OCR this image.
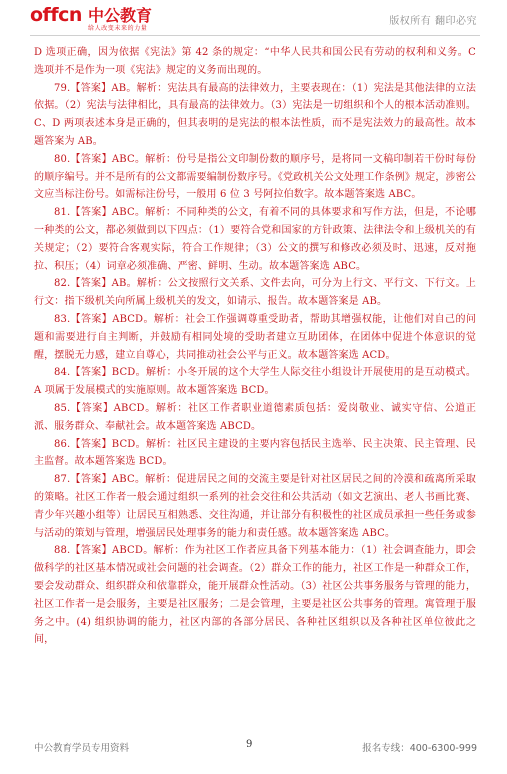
offcn 中公教育
给人改变未来的力量
版权所有 翻印必究

D 选项正确，因为依据《宪法》第 42 条的规定：“中华人民共和国公民有劳动的权利和义务。C 选项并不是作为一项《宪法》规定的义务而出现的。

79.【答案】AB。解析：宪法具有最高的法律效力，主要表现在：（1）宪法是其他法律的立法依据。（2）宪法与法律相比，具有最高的法律效力。（3）宪法是一切组织和个人的根本活动准则。C、D 两项表述本身是正确的，但其表明的是宪法的根本法性质，而不是宪法效力的最高性。故本题答案为 AB。

80.【答案】ABC。解析：份号是指公文印制份数的顺序号，是将同一文稿印制若干份时每份的顺序编号。并不是所有的公文都需要编制份数序号。《党政机关公文处理工作条例》规定，涉密公文应当标注份号。如需标注份号，一般用 6 位 3 号阿拉伯数字。故本题答案选 ABC。

81.【答案】ABC。解析：不同种类的公文，有着不同的具体要求和写作方法，但是，不论哪一种类的公文，都必须做到以下四点：（1）要符合党和国家的方针政策、法律法令和上级机关的有关规定；（2）要符合客观实际，符合工作规律；（3）公文的撰写和修改必须及时、迅速，反对拖拉、积压；（4）词章必须准确、严密、鲜明、生动。故本题答案选 ABC。

82.【答案】AB。解析：公文按照行文关系、文件去向，可分为上行文、平行文、下行文。上行文：指下级机关向所属上级机关的发文，如请示、报告。故本题答案是 AB。

83.【答案】ABCD。解析：社会工作强调尊重受助者，帮助其增强权能，让他们对自己的问题和需要进行自主判断，并鼓励有相同处境的受助者建立互助团体，在团体中促进个体意识的觉醒，摆脱无力感，建立自尊心，共同推动社会公平与正义。故本题答案选 ACD。

84.【答案】BCD。解析：小冬开展的这个大学生人际交往小组设计开展使用的是互动模式。A 项属于发展模式的实施原则。故本题答案选 BCD。

85.【答案】ABCD。解析：社区工作者职业道德素质包括：爱岗敬业、诚实守信、公道正派、服务群众、奉献社会。故本题答案选 ABCD。

86.【答案】BCD。解析：社区民主建设的主要内容包括民主选举、民主决策、民主管理、民主监督。故本题答案选 BCD。

87.【答案】ABC。解析：促进居民之间的交流主要是针对社区居民之间的冷漠和疏离所采取的策略。社区工作者一般会通过组织一系列的社会交往和公共活动（如文艺演出、老人书画比赛、青少年兴趣小组等）让居民互相熟悉、交往沟通，并让部分有积极性的社区成员承担一些任务或参与活动的策划与管理，增强居民处理事务的能力和责任感。故本题答案选 ABC。

88.【答案】ABCD。解析：作为社区工作者应具备下列基本能力：（1）社会调查能力，即会做科学的社区基本情况或社会问题的社会调查。（2）群众工作的能力，社区工作是一种群众工作，要会发动群众、组织群众和依靠群众，能开展群众性活动。（3）社区公共事务服务与管理的能力，社区工作者一是会服务，主要是社区服务；二是会管理，主要是社区公共事务的管理。寓管理于服务之中。(4) 组织协调的能力，社区内部的各部分居民、各种社区组织以及各种社区单位彼此之间，

中公教育学员专用资料	9	报名专线：400-6300-999
